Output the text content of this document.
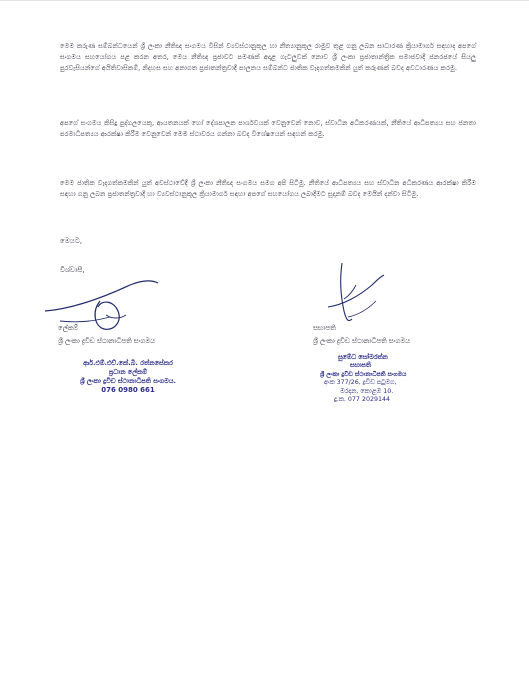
මෙම කරුණ සම්බන්ධයෙන් ශ්‍රී ලංකා නීතිඥ සංගමය විසින් ව්‍යවස්ථානුකූල හා නීත්‍යානුකූල රාමුව තුළ ගනු ලබන සාධාරණ ක්‍රියාමාර්ග සඳහාද අපගේ සංගමය සහයෝගය පළ කරන අතර, මෙය නීතිඥ ප්‍රජාවට පමණක් අදාළ ගැටලුවක් නොව ශ්‍රී ලංකා ප්‍රජාතාන්ත්‍රික සමාජවාදී ජනරජයේ සියලු පුරවැසියන්ගේ අයිතිවාසිකම්, නිදහස සහ අනාගත ප්‍රජාතන්ත්‍රවාදී පාලනය සම්බන්ධ ජාතික වැදගත්කමකින් යුත් කරුණක් බවද අවධාරණය කරමු.
අපගේ සංගමය කිසිදු පුද්ගලයෙකු, ආයතනයක් හෝ දේශපාලන පාර්ශවයක් වෙනුවෙන් නොව, ස්වාධීන අධිකරණයක්, නීතියේ ආධිපත්‍යය සහ ජනතා පරමාධිපත්‍යය ආරක්ෂා කිරීම වෙනුවෙන් මෙම ස්ථාවරය ගන්නා බවද විශේෂයෙන් සඳහන් කරමු.
මෙම ජාතික වැදගත්කමකින් යුත් අවස්ථාවේදී ශ්‍රී ලංකා නීතිඥ සංගමය සමග අපි සිටිමු. නීතියේ ආධිපත්‍යය සහ ස්වාධීන අධිකරණය ආරක්ෂා කිරීම සඳහා ගනු ලබන ප්‍රජාතන්ත්‍රවාදී හා ව්‍යවස්ථානුකූල ක්‍රියාමාර්ග සඳහා අපගේ සහයෝගය ලබාදීමට සූදානම් බවද මෙයින් දන්වා සිටිමු.
මෙයට,
විශ්වාසී,
ලේකම්
ශ්‍රී ලංකා ද්‍රවිඩ ස්ථානාධිපති සංගමය
සභාපති
ශ්‍රී ලංකා ද්‍රවිඩ ස්ථානාධිපති සංගමය
ආර්.එම්.එච්.කේ.බී. රත්නසේකර
ප්‍රධාන ලේකම්
ශ්‍රී ලංකා ද්‍රවිඩ ස්ථානාධිපති සංගමය.
076 0980 661
සුමේධ සෝමරත්න
සභාපති
ශ්‍රී ලංකා ද්‍රවිඩ ස්ථානාධිපති සංගමය
අංක 377/26, ද්‍රවිඩ පටුමග,
මරදාන, කොළඹ 10.
දු.ක. 077 2029144
